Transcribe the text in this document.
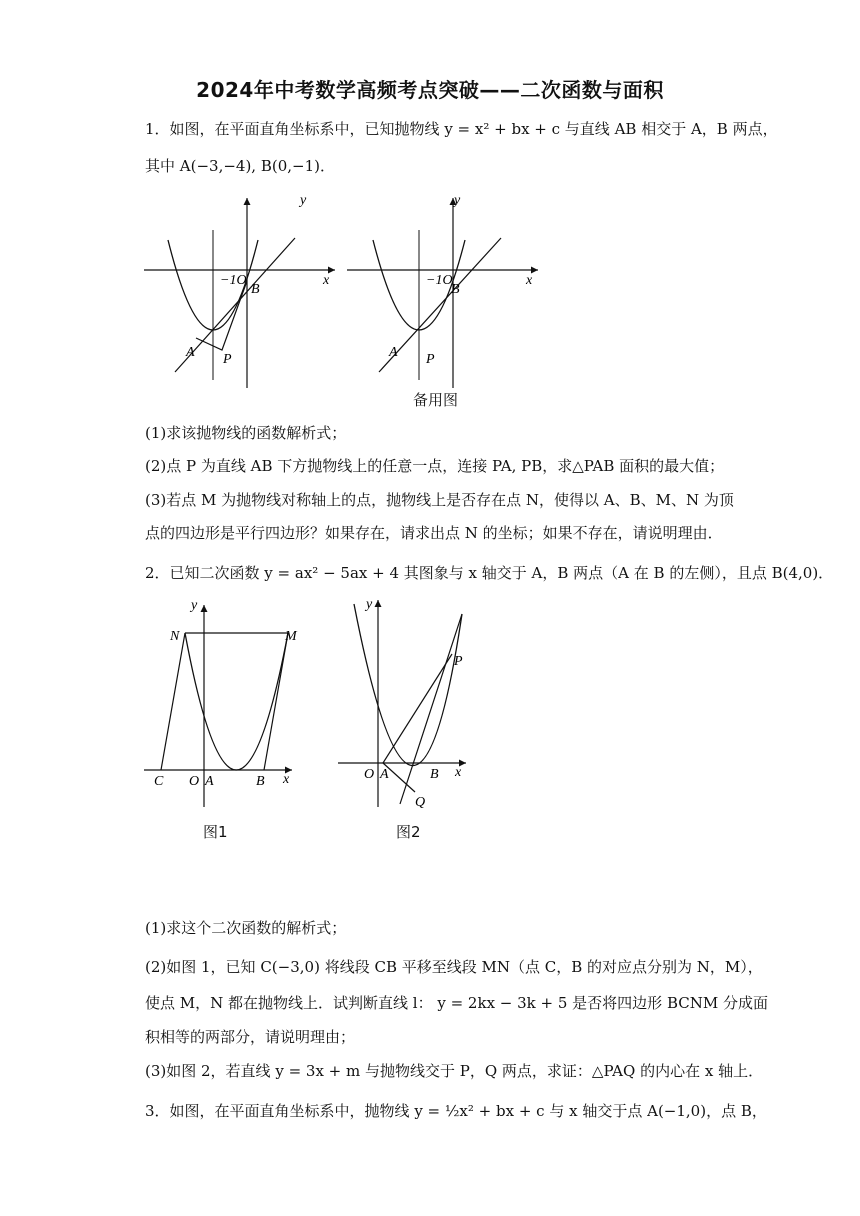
2024年中考数学高频考点突破——二次函数与面积
1．如图，在平面直角坐标系中，已知抛物线 y = x² + bx + c 与直线 AB 相交于 A，B 两点，
其中 A(−3,−4), B(0,−1)．
y
x
−1O
B
A P
y
x
−1O
B
A P
备用图
(1)求该抛物线的函数解析式；
(2)点 P 为直线 AB 下方抛物线上的任意一点，连接 PA, PB，求△PAB 面积的最大值；
(3)若点 M 为抛物线对称轴上的点，抛物线上是否存在点 N，使得以 A、B、M、N 为顶
点的四边形是平行四边形？如果存在，请求出点 N 的坐标；如果不存在，请说明理由．
2．已知二次函数 y = ax² − 5ax + 4 其图象与 x 轴交于 A，B 两点（A 在 B 的左侧），且点 B(4,0)．
y
x
N	M
C O A	B
图1
y
x
P
O A	B
Q
图2
(1)求这个二次函数的解析式；
(2)如图 1，已知 C(−3,0) 将线段 CB 平移至线段 MN（点 C，B 的对应点分别为 N，M），
使点 M，N 都在抛物线上．试判断直线 l： y = 2kx − 3k + 5 是否将四边形 BCNM 分成面
积相等的两部分，请说明理由；
(3)如图 2，若直线 y = 3x + m 与抛物线交于 P，Q 两点，求证：△PAQ 的内心在 x 轴上．
3．如图，在平面直角坐标系中，抛物线 y = ½x² + bx + c 与 x 轴交于点 A(−1,0)，点 B，
